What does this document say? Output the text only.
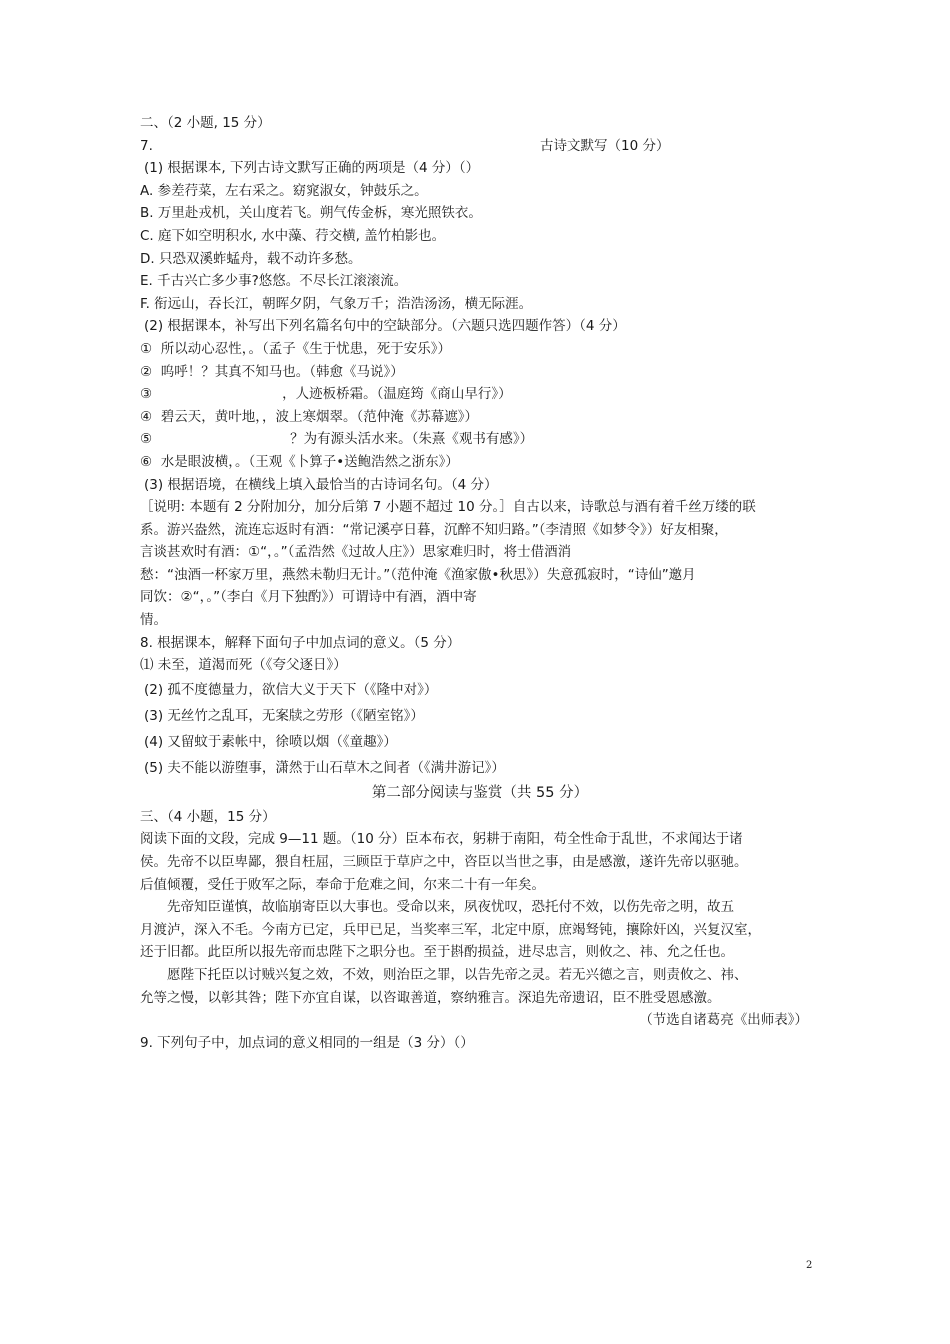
二、（2 小题, 15 分）
7.	古诗文默写（10 分）
(1) 根据课本, 下列古诗文默写正确的两项是（4 分）（）
A. 参差荇菜，左右采之。窈窕淑女，钟鼓乐之。
B. 万里赴戎机，关山度若飞。朔气传金柝，寒光照铁衣。
C. 庭下如空明积水, 水中藻、荇交横, 盖竹柏影也。
D. 只恐双溪蚱蜢舟，载不动许多愁。
E. 千古兴亡多少事?悠悠。不尽长江滚滚流。
F. 衔远山，吞长江，朝晖夕阴，气象万千；浩浩汤汤，横无际涯。
(2) 根据课本，补写出下列名篇名句中的空缺部分。（六题只选四题作答）（4 分）
① 所以动心忍性，。（孟子《生于忧患，死于安乐》）
② 呜呼！？其真不知马也。（韩愈《马说》）
③	，人迹板桥霜。（温庭筠《商山早行》）
④ 碧云天，黄叶地，，波上寒烟翠。（范仲淹《苏幕遮》）
⑤	？为有源头活水来。（朱熹《观书有感》）
⑥ 水是眼波横，。（王观《卜算子•送鲍浩然之浙东》）
(3) 根据语境，在横线上填入最恰当的古诗词名句。（4 分）
［说明: 本题有 2 分附加分，加分后第 7 小题不超过 10 分。］自古以来，诗歌总与酒有着千丝万缕的联
系。游兴盎然，流连忘返时有酒：“常记溪亭日暮，沉醉不知归路。”（李清照《如梦令》）好友相聚，
言谈甚欢时有酒：①“，。”（孟浩然《过故人庄》）思家难归时，将士借酒消
愁：“浊酒一杯家万里，燕然未勒归无计。”（范仲淹《渔家傲•秋思》）失意孤寂时，“诗仙”邀月
同饮：②“，。”（李白《月下独酌》）可谓诗中有酒，酒中寄
情。
8. 根据课本，解释下面句子中加点词的意义。（5 分）
⑴ 未至，道渴而死（《夸父逐日》）
(2) 孤不度德量力，欲信大义于天下（《隆中对》）
(3) 无丝竹之乱耳，无案牍之劳形（《陋室铭》）
(4) 又留蚊于素帐中，徐喷以烟（《童趣》）
(5) 夫不能以游堕事，潇然于山石草木之间者（《满井游记》）
第二部分阅读与鉴赏（共 55 分）
三、（4 小题，15 分）
阅读下面的文段，完成 9—11 题。（10 分）臣本布衣，躬耕于南阳，苟全性命于乱世，不求闻达于诸
侯。先帝不以臣卑鄙，猥自枉屈，三顾臣于草庐之中，咨臣以当世之事，由是感激，遂许先帝以驱驰。
后值倾覆，受任于败军之际，奉命于危难之间，尔来二十有一年矣。
先帝知臣谨慎，故临崩寄臣以大事也。受命以来，夙夜忧叹，恐托付不效，以伤先帝之明，故五
月渡泸，深入不毛。今南方已定，兵甲已足，当奖率三军，北定中原，庶竭驽钝，攘除奸凶，兴复汉室，
还于旧都。此臣所以报先帝而忠陛下之职分也。至于斟酌损益，进尽忠言，则攸之、祎、允之任也。
愿陛下托臣以讨贼兴复之效，不效，则治臣之罪，以告先帝之灵。若无兴德之言，则责攸之、祎、
允等之慢，以彰其咎；陛下亦宜自谋，以咨诹善道，察纳雅言。深追先帝遗诏，臣不胜受恩感激。
（节选自诸葛亮《出师表》）
9. 下列句子中，加点词的意义相同的一组是（3 分）（）
2
